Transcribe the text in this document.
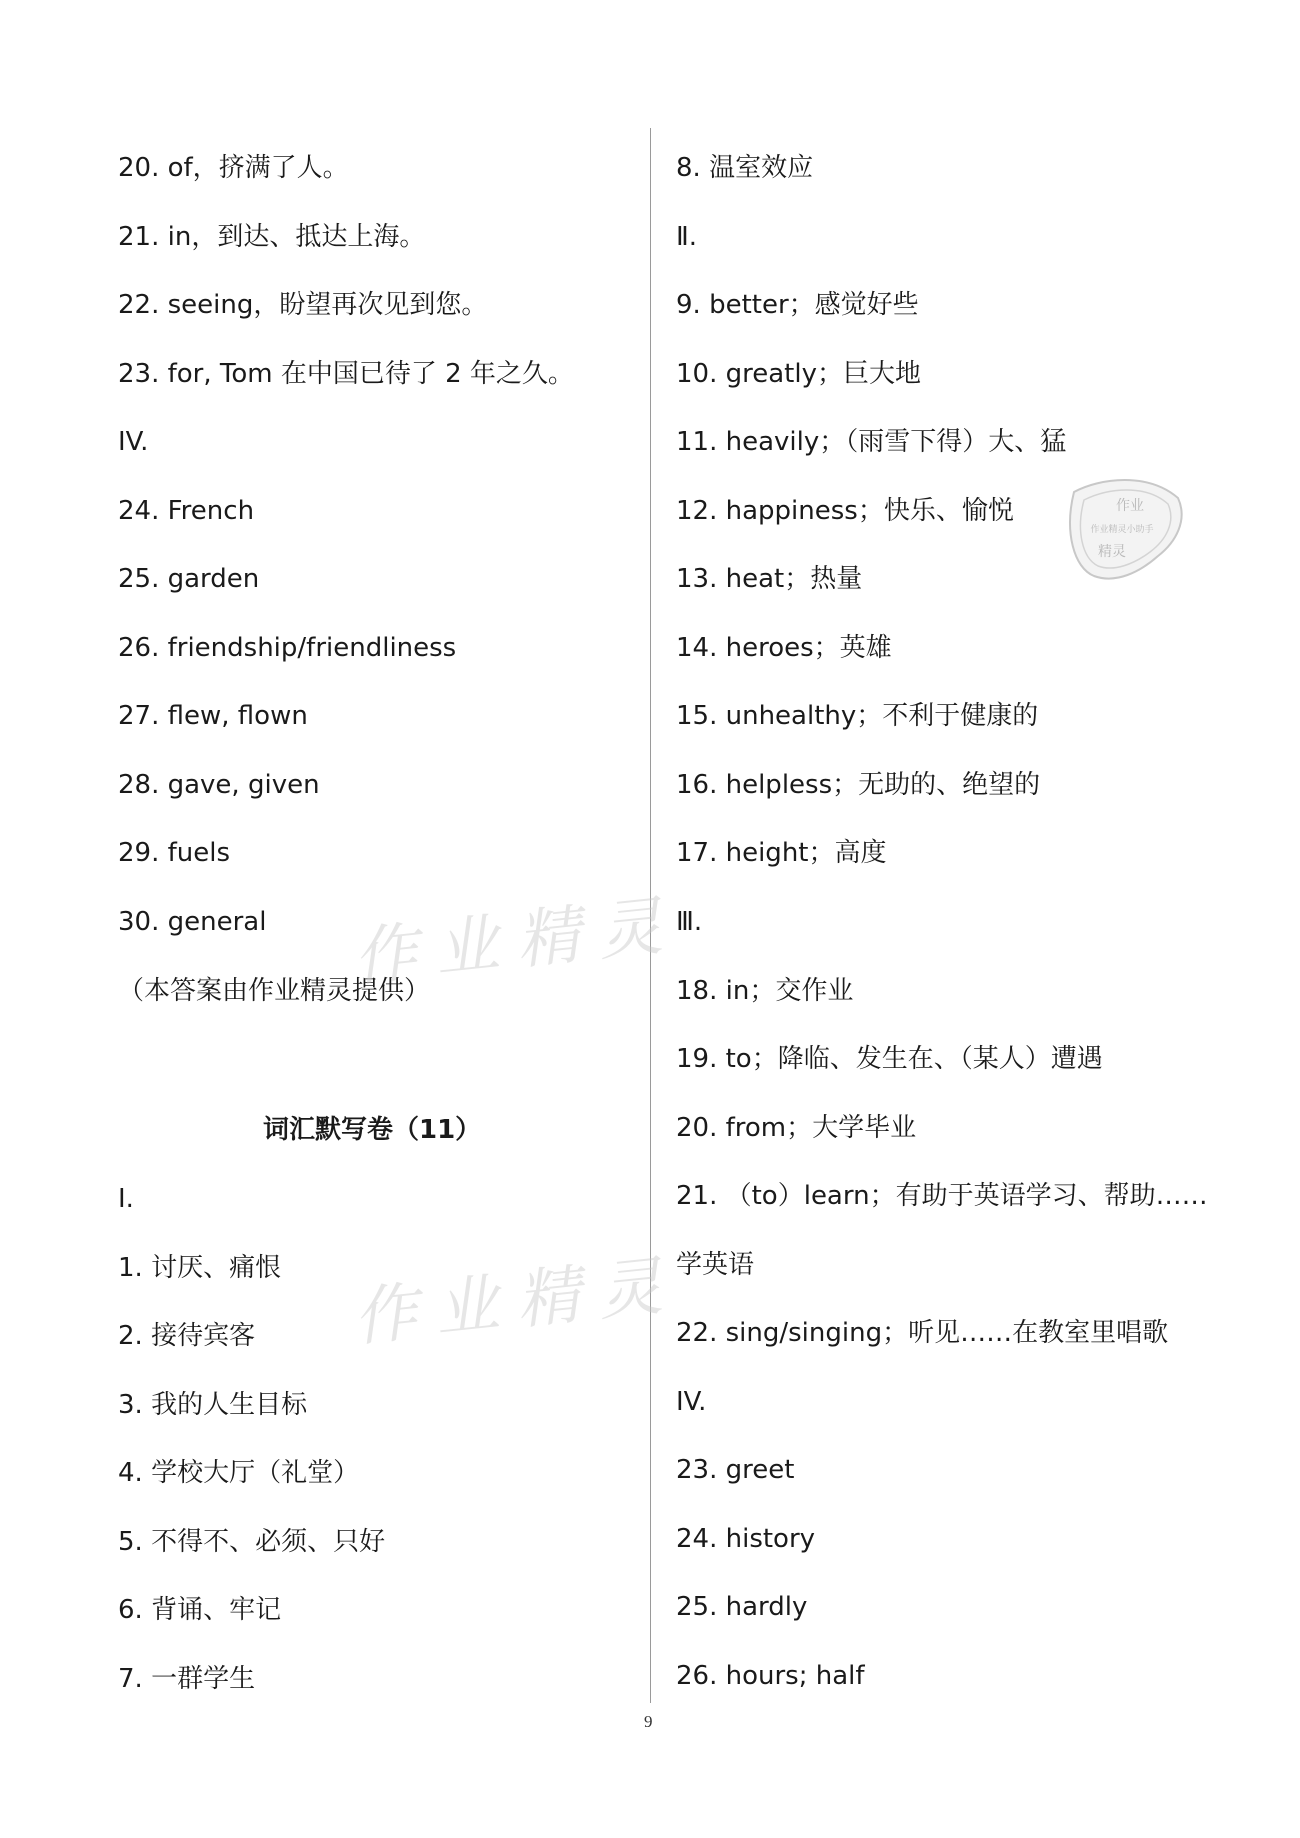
20. of，挤满了人。
21. in，到达、抵达上海。
22. seeing，盼望再次见到您。
23. for, Tom 在中国已待了 2 年之久。
IV.
24. French
25. garden
26. friendship/friendliness
27. flew, flown
28. gave, given
29. fuels
30. general
（本答案由作业精灵提供）
词汇默写卷（11）
Ⅰ.
1. 讨厌、痛恨
2. 接待宾客
3. 我的人生目标
4. 学校大厅（礼堂）
5. 不得不、必须、只好
6. 背诵、牢记
7. 一群学生
8. 温室效应
Ⅱ.
9. better；感觉好些
10. greatly；巨大地
11. heavily；（雨雪下得）大、猛
12. happiness；快乐、愉悦
13. heat；热量
14. heroes；英雄
15. unhealthy；不利于健康的
16. helpless；无助的、绝望的
17. height；高度
Ⅲ.
18. in；交作业
19. to；降临、发生在、（某人）遭遇
20. from；大学毕业
21. （to）learn；有助于英语学习、帮助……
学英语
22. sing/singing；听见……在教室里唱歌
IV.
23. greet
24. history
25. hardly
26. hours; half
作业精灵
作业精灵
作业
作业精灵小助手
精灵
9
